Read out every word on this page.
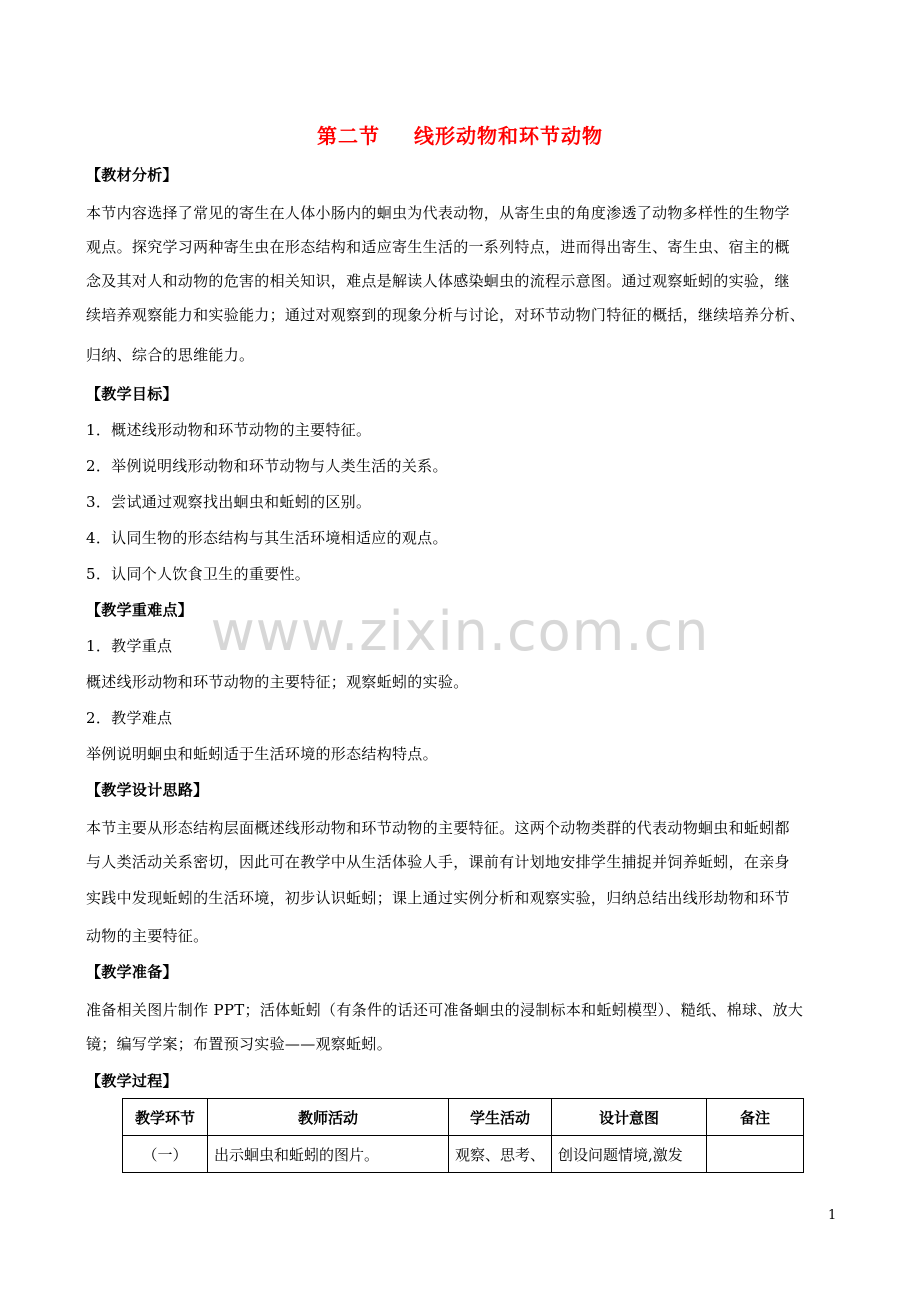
第二节 线形动物和环节动物
www.zixin.com.cn
【教材分析】
本节内容选择了常见的寄生在人体小肠内的蛔虫为代表动物，从寄生虫的角度渗透了动物多样性的生物学
观点。探究学习两种寄生虫在形态结构和适应寄生生活的一系列特点，进而得出寄生、寄生虫、宿主的概
念及其对人和动物的危害的相关知识，难点是解读人体感染蛔虫的流程示意图。通过观察蚯蚓的实验，继
续培养观察能力和实验能力；通过对观察到的现象分析与讨论，对环节动物门特征的概括，继续培养分析、
归纳、综合的思维能力。
【教学目标】
1．概述线形动物和环节动物的主要特征。
2．举例说明线形动物和环节动物与人类生活的关系。
3．尝试通过观察找出蛔虫和蚯蚓的区别。
4．认同生物的形态结构与其生活环境相适应的观点。
5．认同个人饮食卫生的重要性。
【教学重难点】
1．教学重点
概述线形动物和环节动物的主要特征；观察蚯蚓的实验。
2．教学难点
举例说明蛔虫和蚯蚓适于生活环境的形态结构特点。
【教学设计思路】
本节主要从形态结构层面概述线形动物和环节动物的主要特征。这两个动物类群的代表动物蛔虫和蚯蚓都
与人类活动关系密切，因此可在教学中从生活体验人手，课前有计划地安排学生捕捉并饲养蚯蚓，在亲身
实践中发现蚯蚓的生活环境，初步认识蚯蚓；课上通过实例分析和观察实验，归纳总结出线形劫物和环节
动物的主要特征。
【教学准备】
准备相关图片制作 PPT；活体蚯蚓（有条件的话还可准备蛔虫的浸制标本和蚯蚓模型）、糙纸、棉球、放大
镜；编写学案；布置预习实验——观察蚯蚓。
【教学过程】
教学环节	教师活动	学生活动	设计意图	备注
（一）	出示蛔虫和蚯蚓的图片。	观察、思考、	创设问题情境,激发	
1
